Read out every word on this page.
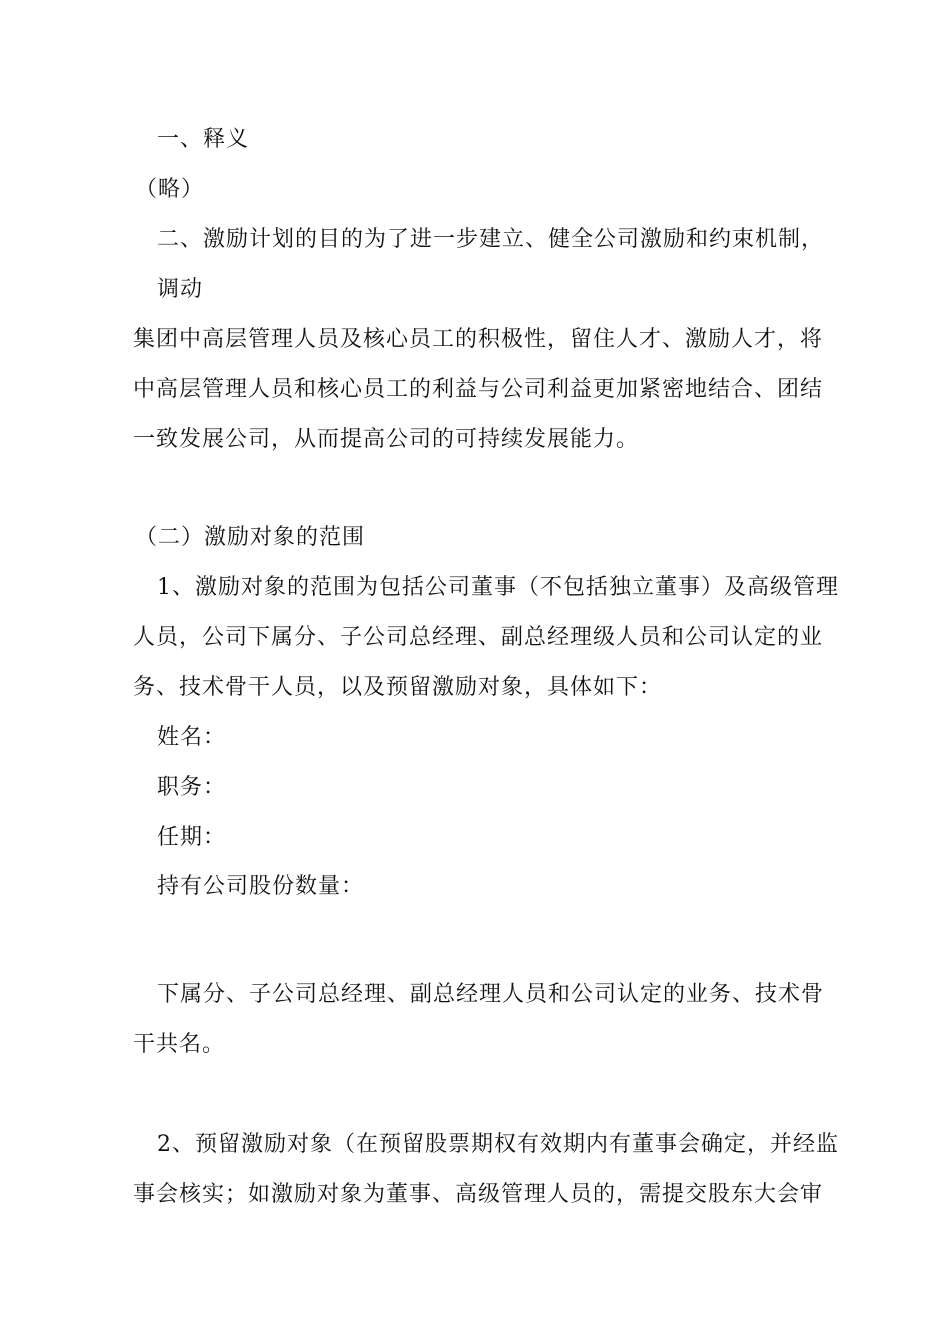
一、释义
（略）
二、激励计划的目的为了进一步建立、健全公司激励和约束机制，
调动
集团中高层管理人员及核心员工的积极性，留住人才、激励人才，将
中高层管理人员和核心员工的利益与公司利益更加紧密地结合、团结
一致发展公司，从而提高公司的可持续发展能力。
（二）激励对象的范围
1、激励对象的范围为包括公司董事（不包括独立董事）及高级管理
人员，公司下属分、子公司总经理、副总经理级人员和公司认定的业
务、技术骨干人员，以及预留激励对象，具体如下：
姓名：
职务：
任期：
持有公司股份数量：
下属分、子公司总经理、副总经理人员和公司认定的业务、技术骨
干共名。
2、预留激励对象（在预留股票期权有效期内有董事会确定，并经监
事会核实；如激励对象为董事、高级管理人员的，需提交股东大会审
